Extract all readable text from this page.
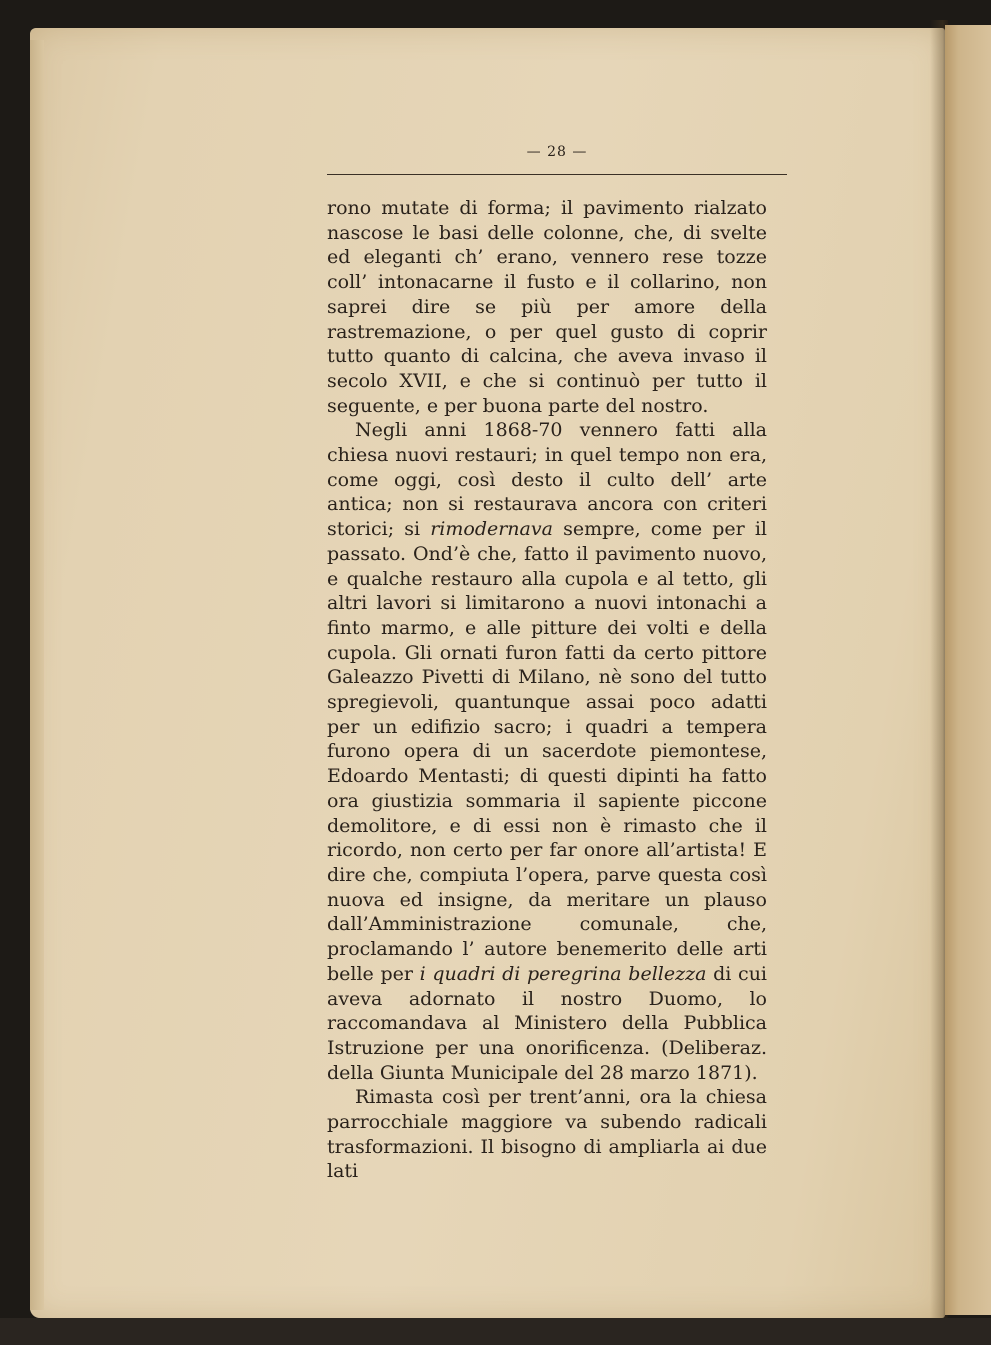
— 28 —

rono mutate di forma; il pavimento rialzato nascose le basi delle colonne, che, di svelte ed eleganti ch’ erano, vennero rese tozze coll’ intonacarne il fusto e il collarino, non saprei dire se più per amore della rastremazione, o per quel gusto di coprir tutto quanto di calcina, che aveva invaso il secolo XVII, e che si continuò per tutto il seguente, e per buona parte del nostro.

Negli anni 1868-70 vennero fatti alla chiesa nuovi restauri; in quel tempo non era, come oggi, così desto il culto dell’ arte antica; non si restaurava ancora con criteri storici; si rimodernava sempre, come per il passato. Ond’è che, fatto il pavimento nuovo, e qualche restauro alla cupola e al tetto, gli altri lavori si limitarono a nuovi intonachi a finto marmo, e alle pitture dei volti e della cupola. Gli ornati furon fatti da certo pittore Galeazzo Pivetti di Milano, nè sono del tutto spregievoli, quantunque assai poco adatti per un edifizio sacro; i quadri a tempera furono opera di un sacerdote piemontese, Edoardo Mentasti; di questi dipinti ha fatto ora giustizia sommaria il sapiente piccone demolitore, e di essi non è rimasto che il ricordo, non certo per far onore all’artista! E dire che, compiuta l’opera, parve questa così nuova ed insigne, da meritare un plauso dall’Amministrazione comunale, che, proclamando l’ autore benemerito delle arti belle per i quadri di peregrina bellezza di cui aveva adornato il nostro Duomo, lo raccomandava al Ministero della Pubblica Istruzione per una onorificenza. (Deliberaz. della Giunta Municipale del 28 marzo 1871).

Rimasta così per trent’anni, ora la chiesa parrocchiale maggiore va subendo radicali trasformazioni. Il bisogno di ampliarla ai due lati
